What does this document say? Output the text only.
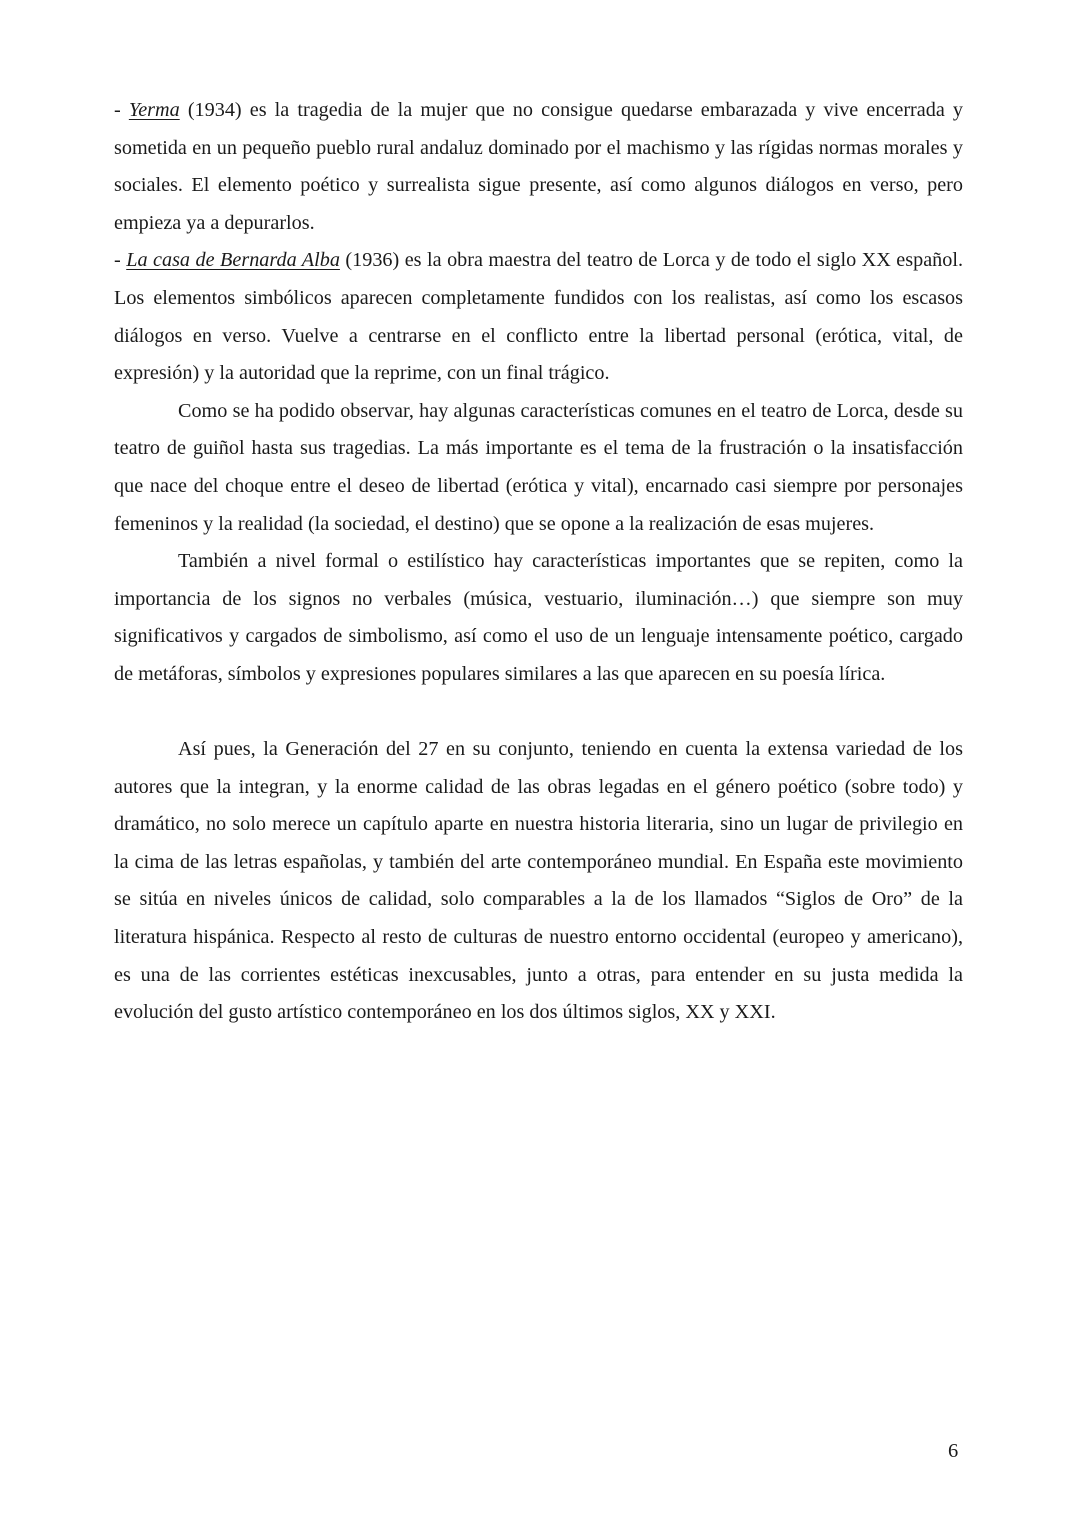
- Yerma (1934) es la tragedia de la mujer que no consigue quedarse embarazada y vive encerrada y sometida en un pequeño pueblo rural andaluz dominado por el machismo y las rígidas normas morales y sociales. El elemento poético y surrealista sigue presente, así como algunos diálogos en verso, pero empieza ya a depurarlos.

- La casa de Bernarda Alba (1936) es la obra maestra del teatro de Lorca y de todo el siglo XX español. Los elementos simbólicos aparecen completamente fundidos con los realistas, así como los escasos diálogos en verso. Vuelve a centrarse en el conflicto entre la libertad personal (erótica, vital, de expresión) y la autoridad que la reprime, con un final trágico.

Como se ha podido observar, hay algunas características comunes en el teatro de Lorca, desde su teatro de guiñol hasta sus tragedias. La más importante es el tema de la frustración o la insatisfacción que nace del choque entre el deseo de libertad (erótica y vital), encarnado casi siempre por personajes femeninos y la realidad (la sociedad, el destino) que se opone a la realización de esas mujeres.

También a nivel formal o estilístico hay características importantes que se repiten, como la importancia de los signos no verbales (música, vestuario, iluminación…) que siempre son muy significativos y cargados de simbolismo, así como el uso de un lenguaje intensamente poético, cargado de metáforas, símbolos y expresiones populares similares a las que aparecen en su poesía lírica.

Así pues, la Generación del 27 en su conjunto, teniendo en cuenta la extensa variedad de los autores que la integran, y la enorme calidad de las obras legadas en el género poético (sobre todo) y dramático, no solo merece un capítulo aparte en nuestra historia literaria, sino un lugar de privilegio en la cima de las letras españolas, y también del arte contemporáneo mundial. En España este movimiento se sitúa en niveles únicos de calidad, solo comparables a la de los llamados “Siglos de Oro” de la literatura hispánica. Respecto al resto de culturas de nuestro entorno occidental (europeo y americano), es una de las corrientes estéticas inexcusables, junto a otras, para entender en su justa medida la evolución del gusto artístico contemporáneo en los dos últimos siglos, XX y XXI.

6
